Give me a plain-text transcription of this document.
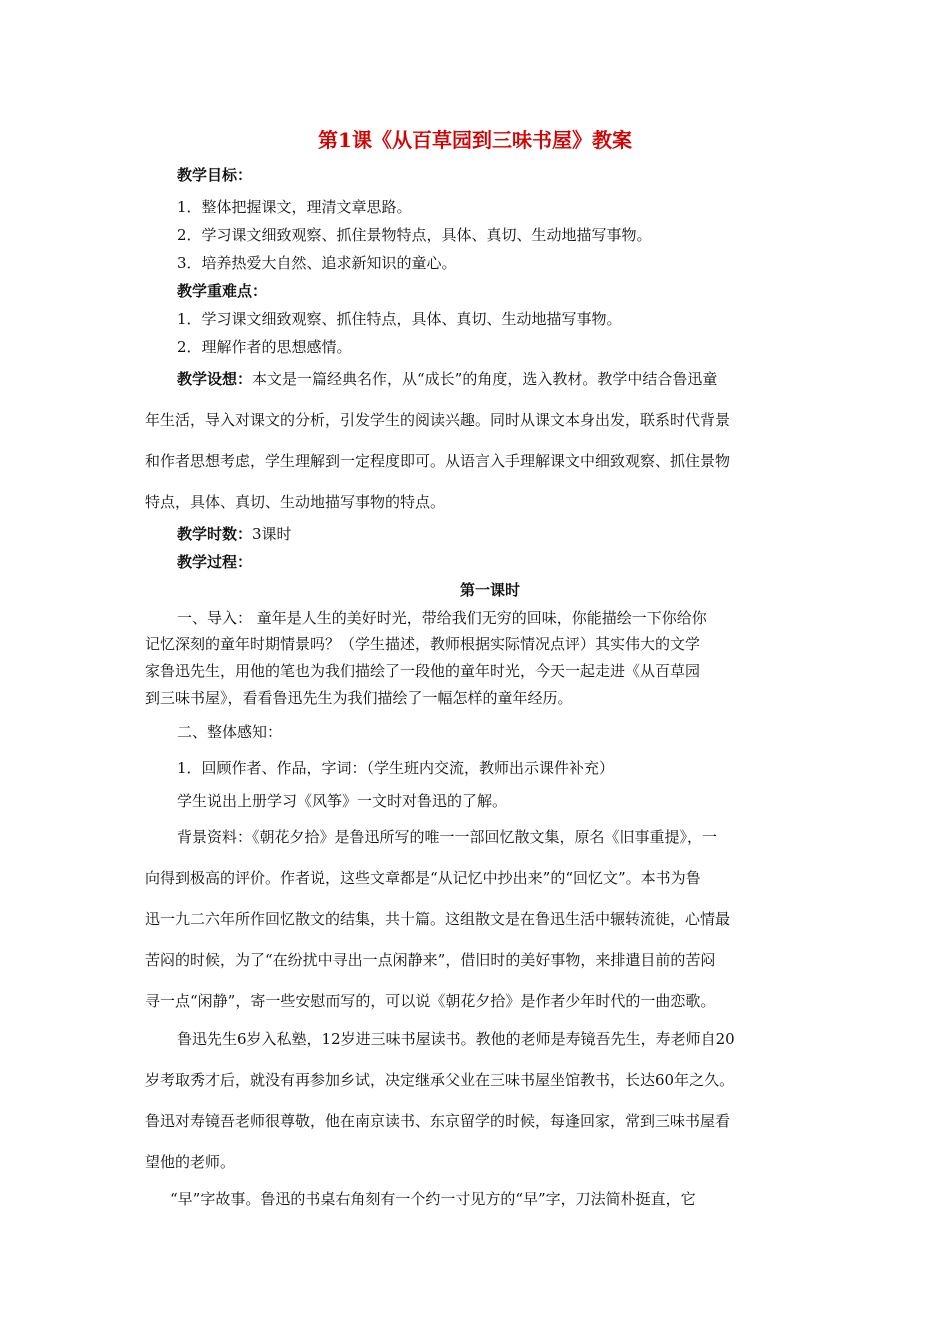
第1课《从百草园到三味书屋》教案
教学目标：
1．整体把握课文，理清文章思路。
2．学习课文细致观察、抓住景物特点，具体、真切、生动地描写事物。
3．培养热爱大自然、追求新知识的童心。
教学重难点：
1．学习课文细致观察、抓住特点，具体、真切、生动地描写事物。
2．理解作者的思想感情。
教学设想：本文是一篇经典名作，从“成长”的角度，选入教材。教学中结合鲁迅童
年生活，导入对课文的分析，引发学生的阅读兴趣。同时从课文本身出发，联系时代背景
和作者思想考虑，学生理解到一定程度即可。从语言入手理解课文中细致观察、抓住景物
特点，具体、真切、生动地描写事物的特点。
教学时数：3课时
教学过程：
第一课时
一、导入： 童年是人生的美好时光，带给我们无穷的回味，你能描绘一下你给你
记忆深刻的童年时期情景吗？（学生描述，教师根据实际情况点评）其实伟大的文学
家鲁迅先生，用他的笔也为我们描绘了一段他的童年时光，今天一起走进《从百草园
到三味书屋》，看看鲁迅先生为我们描绘了一幅怎样的童年经历。
二、整体感知：
1．回顾作者、作品，字词：（学生班内交流，教师出示课件补充）
学生说出上册学习《风筝》一文时对鲁迅的了解。
背景资料：《朝花夕拾》是鲁迅所写的唯一一部回忆散文集，原名《旧事重提》，一
向得到极高的评价。作者说，这些文章都是“从记忆中抄出来”的“回忆文”。本书为鲁
迅一九二六年所作回忆散文的结集，共十篇。这组散文是在鲁迅生活中辗转流徙，心情最
苦闷的时候，为了“在纷扰中寻出一点闲静来”，借旧时的美好事物，来排遣目前的苦闷
寻一点“闲静”，寄一些安慰而写的，可以说《朝花夕拾》是作者少年时代的一曲恋歌。
鲁迅先生6岁入私塾，12岁进三味书屋读书。教他的老师是寿镜吾先生，寿老师自20
岁考取秀才后，就没有再参加乡试，决定继承父业在三味书屋坐馆教书，长达60年之久。
鲁迅对寿镜吾老师很尊敬，他在南京读书、东京留学的时候，每逢回家，常到三味书屋看
望他的老师。
“早”字故事。鲁迅的书桌右角刻有一个约一寸见方的“早”字，刀法简朴挺直，它
